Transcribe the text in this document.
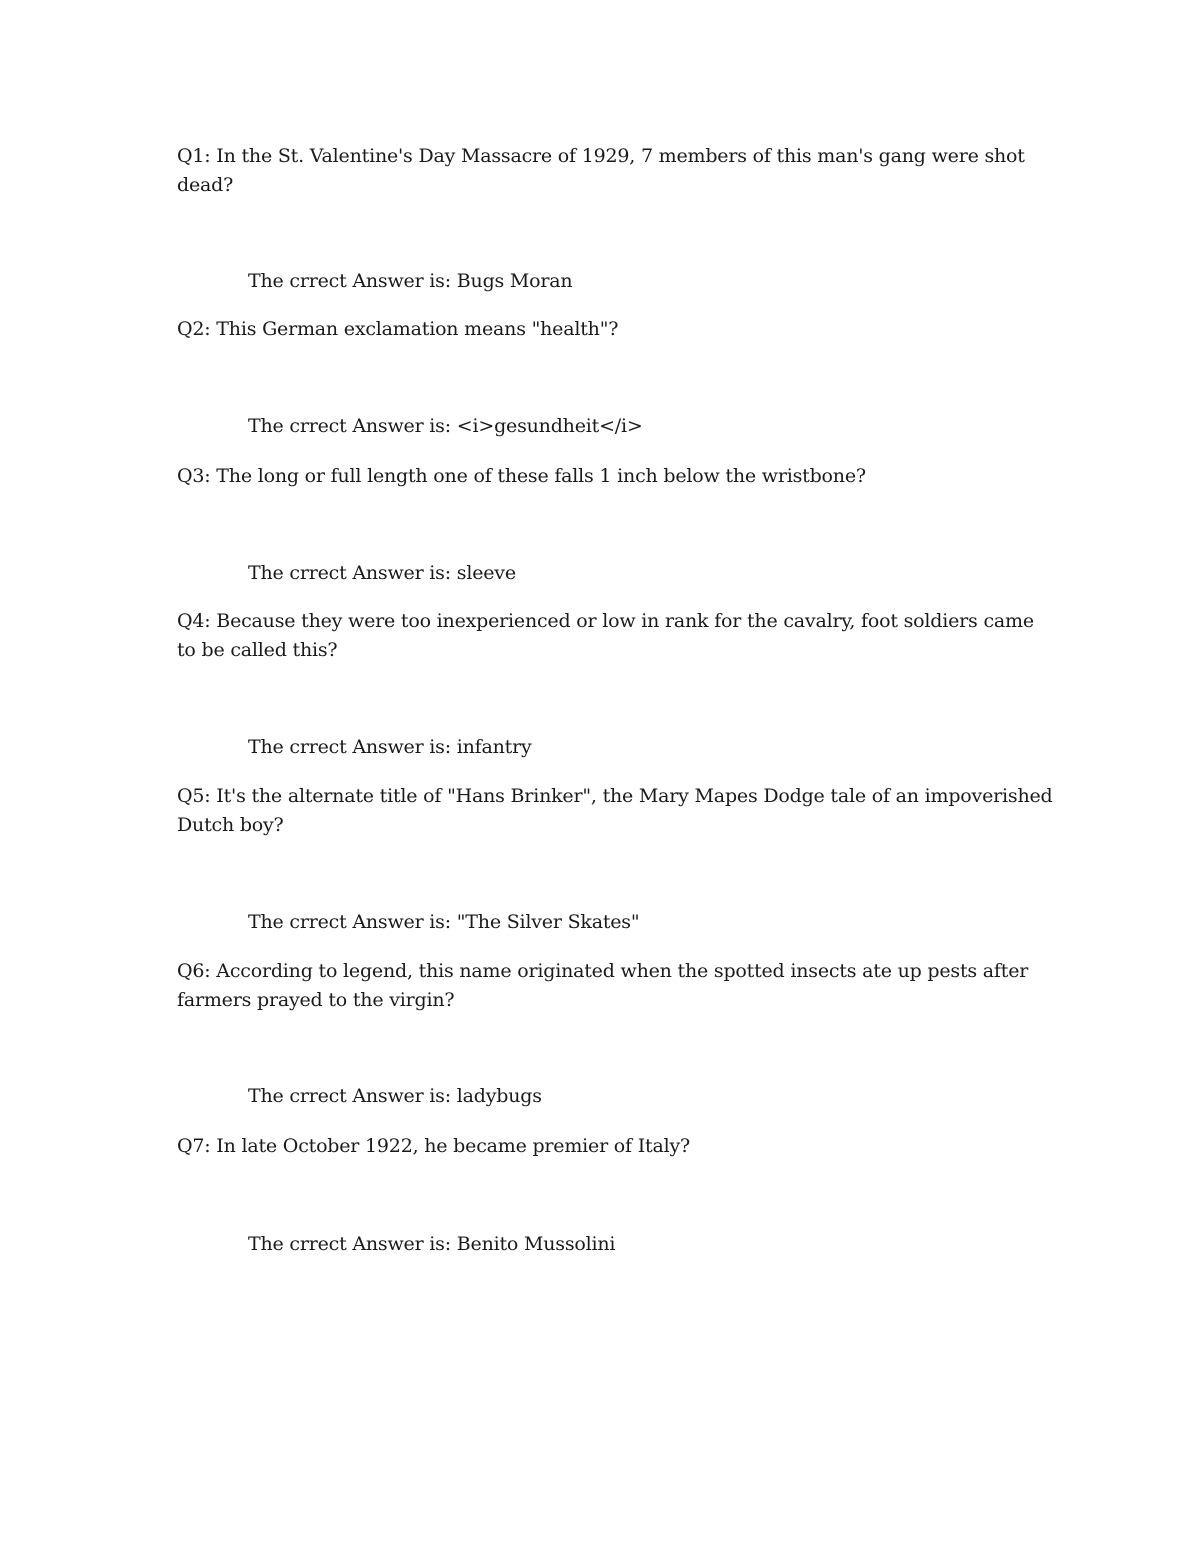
Q1: In the St. Valentine's Day Massacre of 1929, 7 members of this man's gang were shot
dead?
The crrect Answer is: Bugs Moran
Q2: This German exclamation means "health"?
The crrect Answer is: <i>gesundheit</i>
Q3: The long or full length one of these falls 1 inch below the wristbone?
The crrect Answer is: sleeve
Q4: Because they were too inexperienced or low in rank for the cavalry, foot soldiers came
to be called this?
The crrect Answer is: infantry
Q5: It's the alternate title of "Hans Brinker", the Mary Mapes Dodge tale of an impoverished
Dutch boy?
The crrect Answer is: "The Silver Skates"
Q6: According to legend, this name originated when the spotted insects ate up pests after
farmers prayed to the virgin?
The crrect Answer is: ladybugs
Q7: In late October 1922, he became premier of Italy?
The crrect Answer is: Benito Mussolini
